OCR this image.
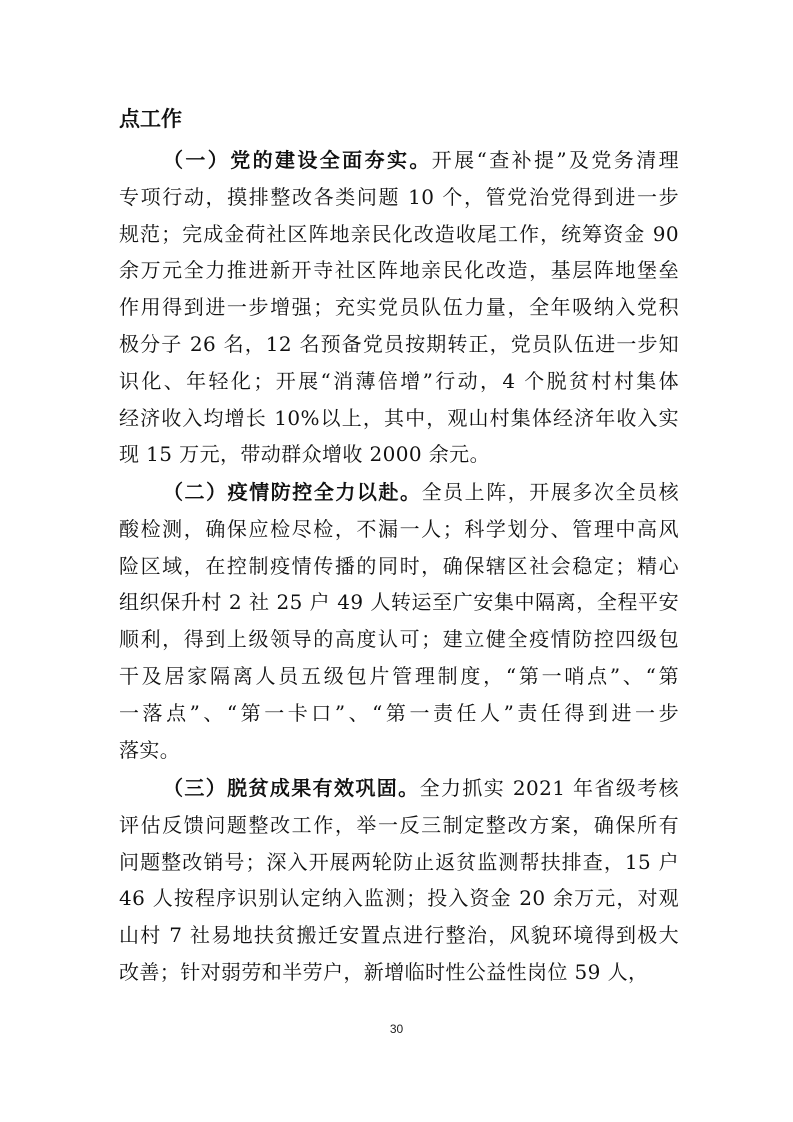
点工作
（一）党的建设全面夯实。开展“查补提”及党务清理
专项行动，摸排整改各类问题 10 个，管党治党得到进一步
规范；完成金荷社区阵地亲民化改造收尾工作，统筹资金 90
余万元全力推进新开寺社区阵地亲民化改造，基层阵地堡垒
作用得到进一步增强；充实党员队伍力量，全年吸纳入党积
极分子 26 名，12 名预备党员按期转正，党员队伍进一步知
识化、年轻化；开展“消薄倍增”行动，4 个脱贫村村集体
经济收入均增长 10%以上，其中，观山村集体经济年收入实
现 15 万元，带动群众增收 2000 余元。
（二）疫情防控全力以赴。全员上阵，开展多次全员核
酸检测，确保应检尽检，不漏一人；科学划分、管理中高风
险区域，在控制疫情传播的同时，确保辖区社会稳定；精心
组织保升村 2 社 25 户 49 人转运至广安集中隔离，全程平安
顺利，得到上级领导的高度认可；建立健全疫情防控四级包
干及居家隔离人员五级包片管理制度，“第一哨点”、“第
一落点”、“第一卡口”、“第一责任人”责任得到进一步
落实。
（三）脱贫成果有效巩固。全力抓实 2021 年省级考核
评估反馈问题整改工作，举一反三制定整改方案，确保所有
问题整改销号；深入开展两轮防止返贫监测帮扶排查，15 户
46 人按程序识别认定纳入监测；投入资金 20 余万元，对观
山村 7 社易地扶贫搬迁安置点进行整治，风貌环境得到极大
改善；针对弱劳和半劳户，新增临时性公益性岗位 59 人，
30
